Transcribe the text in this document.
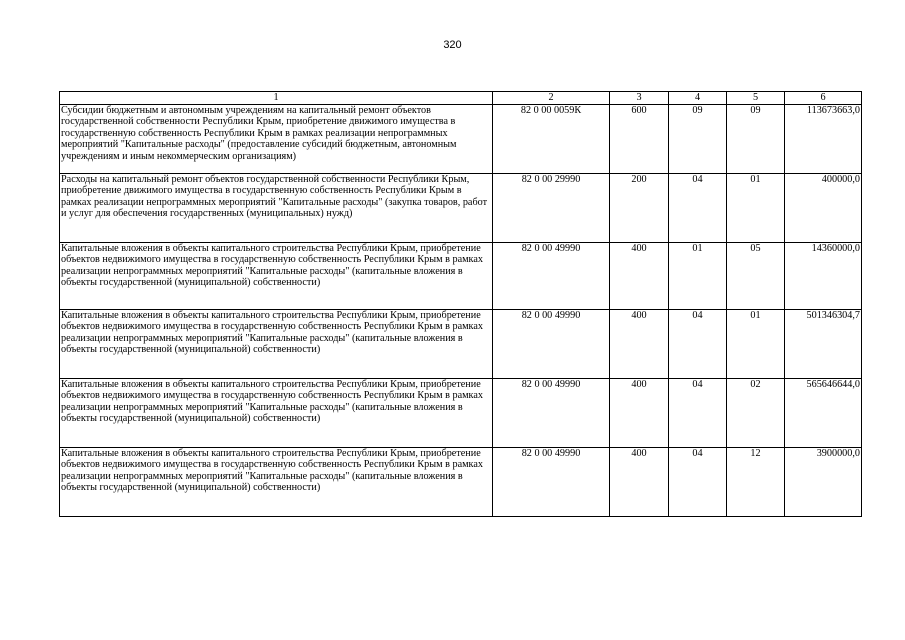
320
1	2	3	4	5	6
Субсидии бюджетным и автономным учреждениям на капитальный ремонт объектов государственной собственности Республики Крым, приобретение движимого имущества в государственную собственность Республики Крым в рамках реализации непрограммных мероприятий "Капитальные расходы" (предоставление субсидий бюджетным, автономным учреждениям и иным некоммерческим организациям)	82 0 00 0059К	600	09	09	113673663,0
Расходы на капитальный ремонт объектов государственной собственности Республики Крым, приобретение движимого имущества в государственную собственность Республики Крым в рамках реализации непрограммных мероприятий "Капитальные расходы" (закупка товаров, работ и услуг для обеспечения государственных (муниципальных) нужд)	82 0 00 29990	200	04	01	400000,0
Капитальные вложения в объекты капитального строительства Республики Крым, приобретение объектов недвижимого имущества в государственную собственность Республики Крым в рамках реализации непрограммных мероприятий "Капитальные расходы" (капитальные вложения в объекты государственной (муниципальной) собственности)	82 0 00 49990	400	01	05	14360000,0
Капитальные вложения в объекты капитального строительства Республики Крым, приобретение объектов недвижимого имущества в государственную собственность Республики Крым в рамках реализации непрограммных мероприятий "Капитальные расходы" (капитальные вложения в объекты государственной (муниципальной) собственности)	82 0 00 49990	400	04	01	501346304,7
Капитальные вложения в объекты капитального строительства Республики Крым, приобретение объектов недвижимого имущества в государственную собственность Республики Крым в рамках реализации непрограммных мероприятий "Капитальные расходы" (капитальные вложения в объекты государственной (муниципальной) собственности)	82 0 00 49990	400	04	02	565646644,0
Капитальные вложения в объекты капитального строительства Республики Крым, приобретение объектов недвижимого имущества в государственную собственность Республики Крым в рамках реализации непрограммных мероприятий "Капитальные расходы" (капитальные вложения в объекты государственной (муниципальной) собственности)	82 0 00 49990	400	04	12	3900000,0
